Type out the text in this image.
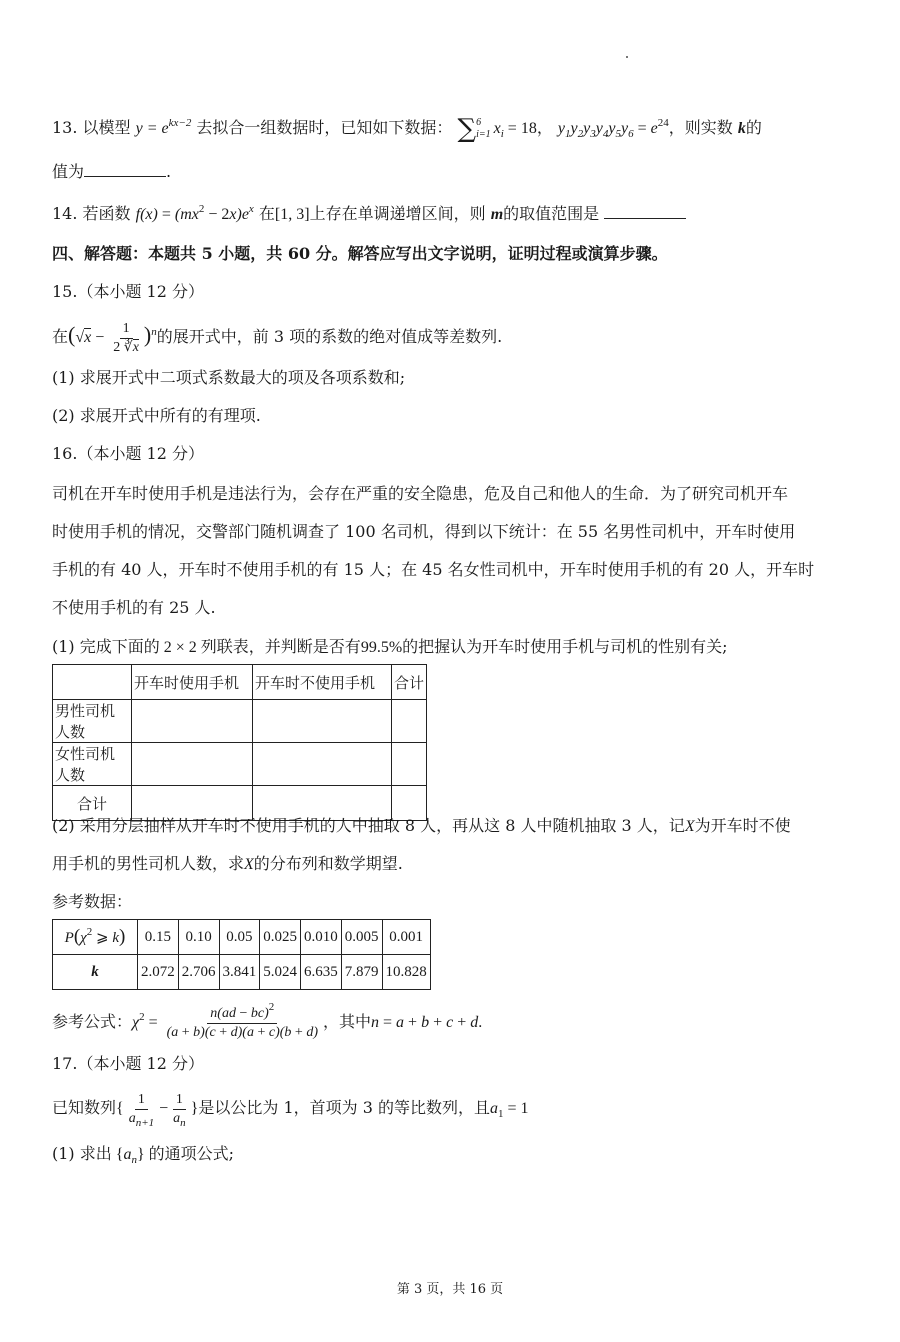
13. 以模型 $y = e^{kx-2}$ 去拟合一组数据时，已知如下数据： ∑ 6
i=1 $x_i = 18$， $y_1y_2y_3y_4y_5y_6 = e^{24}$，则实数 k的
值为	.
14. 若函数 $f(x) = (mx^2 - 2x)e^x$ 在[1, 3]上存在单调递增区间，则 m的取值范围是
四、解答题：本题共 5 小题，共 60 分。解答应写出文字说明，证明过程或演算步骤。
15.（本小题 12 分）
在$(√x - \frac{1}{2 ∛x} )^n$的展开式中，前 3 项的系数的绝对值成等差数列.
(1) 求展开式中二项式系数最大的项及各项系数和;
(2) 求展开式中所有的有理项.
16.（本小题 12 分）
司机在开车时使用手机是违法行为，会存在严重的安全隐患，危及自己和他人的生命．为了研究司机开车
时使用手机的情况，交警部门随机调查了 100 名司机，得到以下统计：在 55 名男性司机中，开车时使用
手机的有 40 人，开车时不使用手机的有 15 人；在 45 名女性司机中，开车时使用手机的有 20 人，开车时
不使用手机的有 25 人.
(1) 完成下面的 2 × 2 列联表，并判断是否有99.5%的把握认为开车时使用手机与司机的性别有关;
	开车时使用手机	开车时不使用手机	合计
男性司机人数			
女性司机人数			
合计			
(2) 采用分层抽样从开车时不使用手机的人中抽取 8 人，再从这 8 人中随机抽取 3 人，记X为开车时不使
用手机的男性司机人数，求X的分布列和数学期望.
参考数据：
$P(\chi^2$ ⩾ k)	0.15	0.10	0.05	0.025	0.010	0.005	0.001
k	2.072	2.706	3.841	5.024	6.635	7.879	10.828
参考公式：$\chi^2 = \frac{n(ad - bc)^2}{(a + b)(c + d)(a + c)(b + d)}$ ，其中n = a + b + c + d.
17.（本小题 12 分）
已知数列{ $\frac{1}{a_{n+1}} - \frac{1}{a_n}$ }是以公比为 1，首项为 3 的等比数列，且$a_1 = 1$
(1) 求出 $\{a_n\}$ 的通项公式;
第 3 页，共 16 页
